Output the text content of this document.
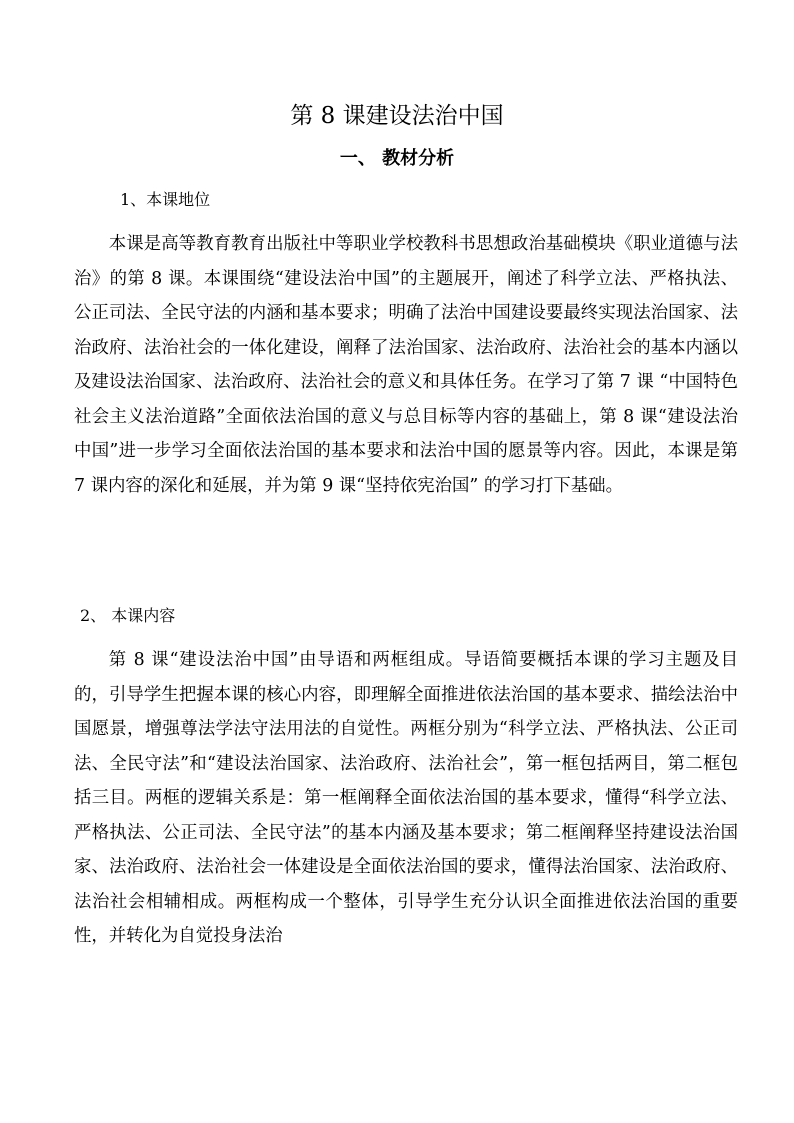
第 8 课建设法治中国
一、 教材分析
1、本课地位
本课是高等教育教育出版社中等职业学校教科书思想政治基础模块《职业道德与法治》的第 8 课。本课围绕“建设法治中国”的主题展开，阐述了科学立法、严格执法、公正司法、全民守法的内涵和基本要求；明确了法治中国建设要最终实现法治国家、法治政府、法治社会的一体化建设，阐释了法治国家、法治政府、法治社会的基本内涵以及建设法治国家、法治政府、法治社会的意义和具体任务。在学习了第 7 课 “中国特色社会主义法治道路”全面依法治国的意义与总目标等内容的基础上，第 8 课“建设法治中国”进一步学习全面依法治国的基本要求和法治中国的愿景等内容。因此，本课是第 7 课内容的深化和延展，并为第 9 课“坚持依宪治国” 的学习打下基础。
2、 本课内容
第 8 课“建设法治中国”由导语和两框组成。导语简要概括本课的学习主题及目的，引导学生把握本课的核心内容，即理解全面推进依法治国的基本要求、描绘法治中国愿景，增强尊法学法守法用法的自觉性。两框分别为“科学立法、严格执法、公正司法、全民守法”和“建设法治国家、法治政府、法治社会”，第一框包括两目，第二框包括三目。两框的逻辑关系是：第一框阐释全面依法治国的基本要求，懂得“科学立法、严格执法、公正司法、全民守法”的基本内涵及基本要求；第二框阐释坚持建设法治国家、法治政府、法治社会一体建设是全面依法治国的要求，懂得法治国家、法治政府、法治社会相辅相成。两框构成一个整体，引导学生充分认识全面推进依法治国的重要性，并转化为自觉投身法治
